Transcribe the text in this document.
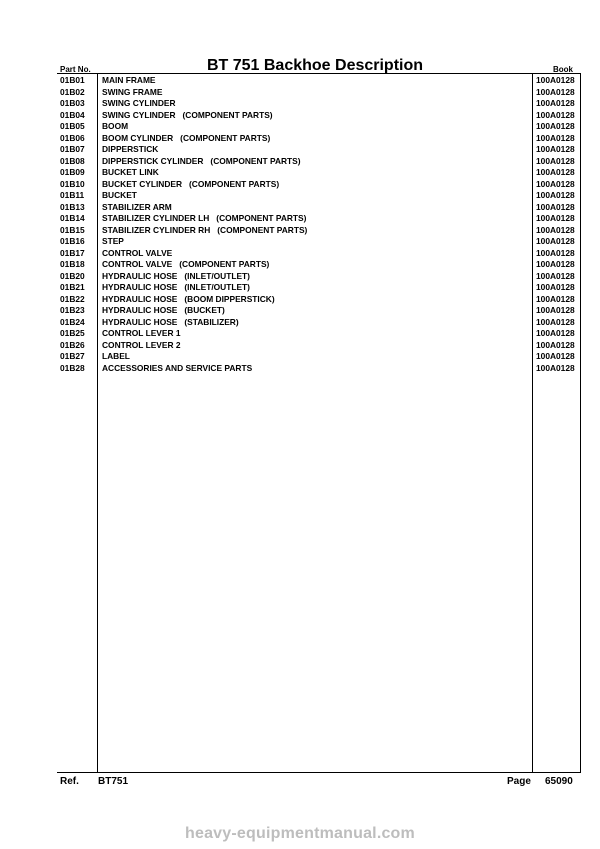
Part No.	BT 751 Backhoe Description	Book
01B01 MAIN FRAME	100A0128
01B02 SWING FRAME	100A0128
01B03 SWING CYLINDER	100A0128
01B04 SWING CYLINDER   (COMPONENT PARTS)	100A0128
01B05 BOOM	100A0128
01B06 BOOM CYLINDER   (COMPONENT PARTS)	100A0128
01B07 DIPPERSTICK	100A0128
01B08 DIPPERSTICK CYLINDER   (COMPONENT PARTS)	100A0128
01B09 BUCKET LINK	100A0128
01B10 BUCKET CYLINDER   (COMPONENT PARTS)	100A0128
01B11 BUCKET	100A0128
01B13 STABILIZER ARM	100A0128
01B14 STABILIZER CYLINDER LH   (COMPONENT PARTS)	100A0128
01B15 STABILIZER CYLINDER RH   (COMPONENT PARTS)	100A0128
01B16 STEP	100A0128
01B17 CONTROL VALVE	100A0128
01B18 CONTROL VALVE   (COMPONENT PARTS)	100A0128
01B20 HYDRAULIC HOSE   (INLET/OUTLET)	100A0128
01B21 HYDRAULIC HOSE   (INLET/OUTLET)	100A0128
01B22 HYDRAULIC HOSE   (BOOM DIPPERSTICK)	100A0128
01B23 HYDRAULIC HOSE   (BUCKET)	100A0128
01B24 HYDRAULIC HOSE   (STABILIZER)	100A0128
01B25 CONTROL LEVER 1	100A0128
01B26 CONTROL LEVER 2	100A0128
01B27 LABEL	100A0128
01B28 ACCESSORIES AND SERVICE PARTS	100A0128
Ref. BT751	Page 65090
heavy-equipmentmanual.com
